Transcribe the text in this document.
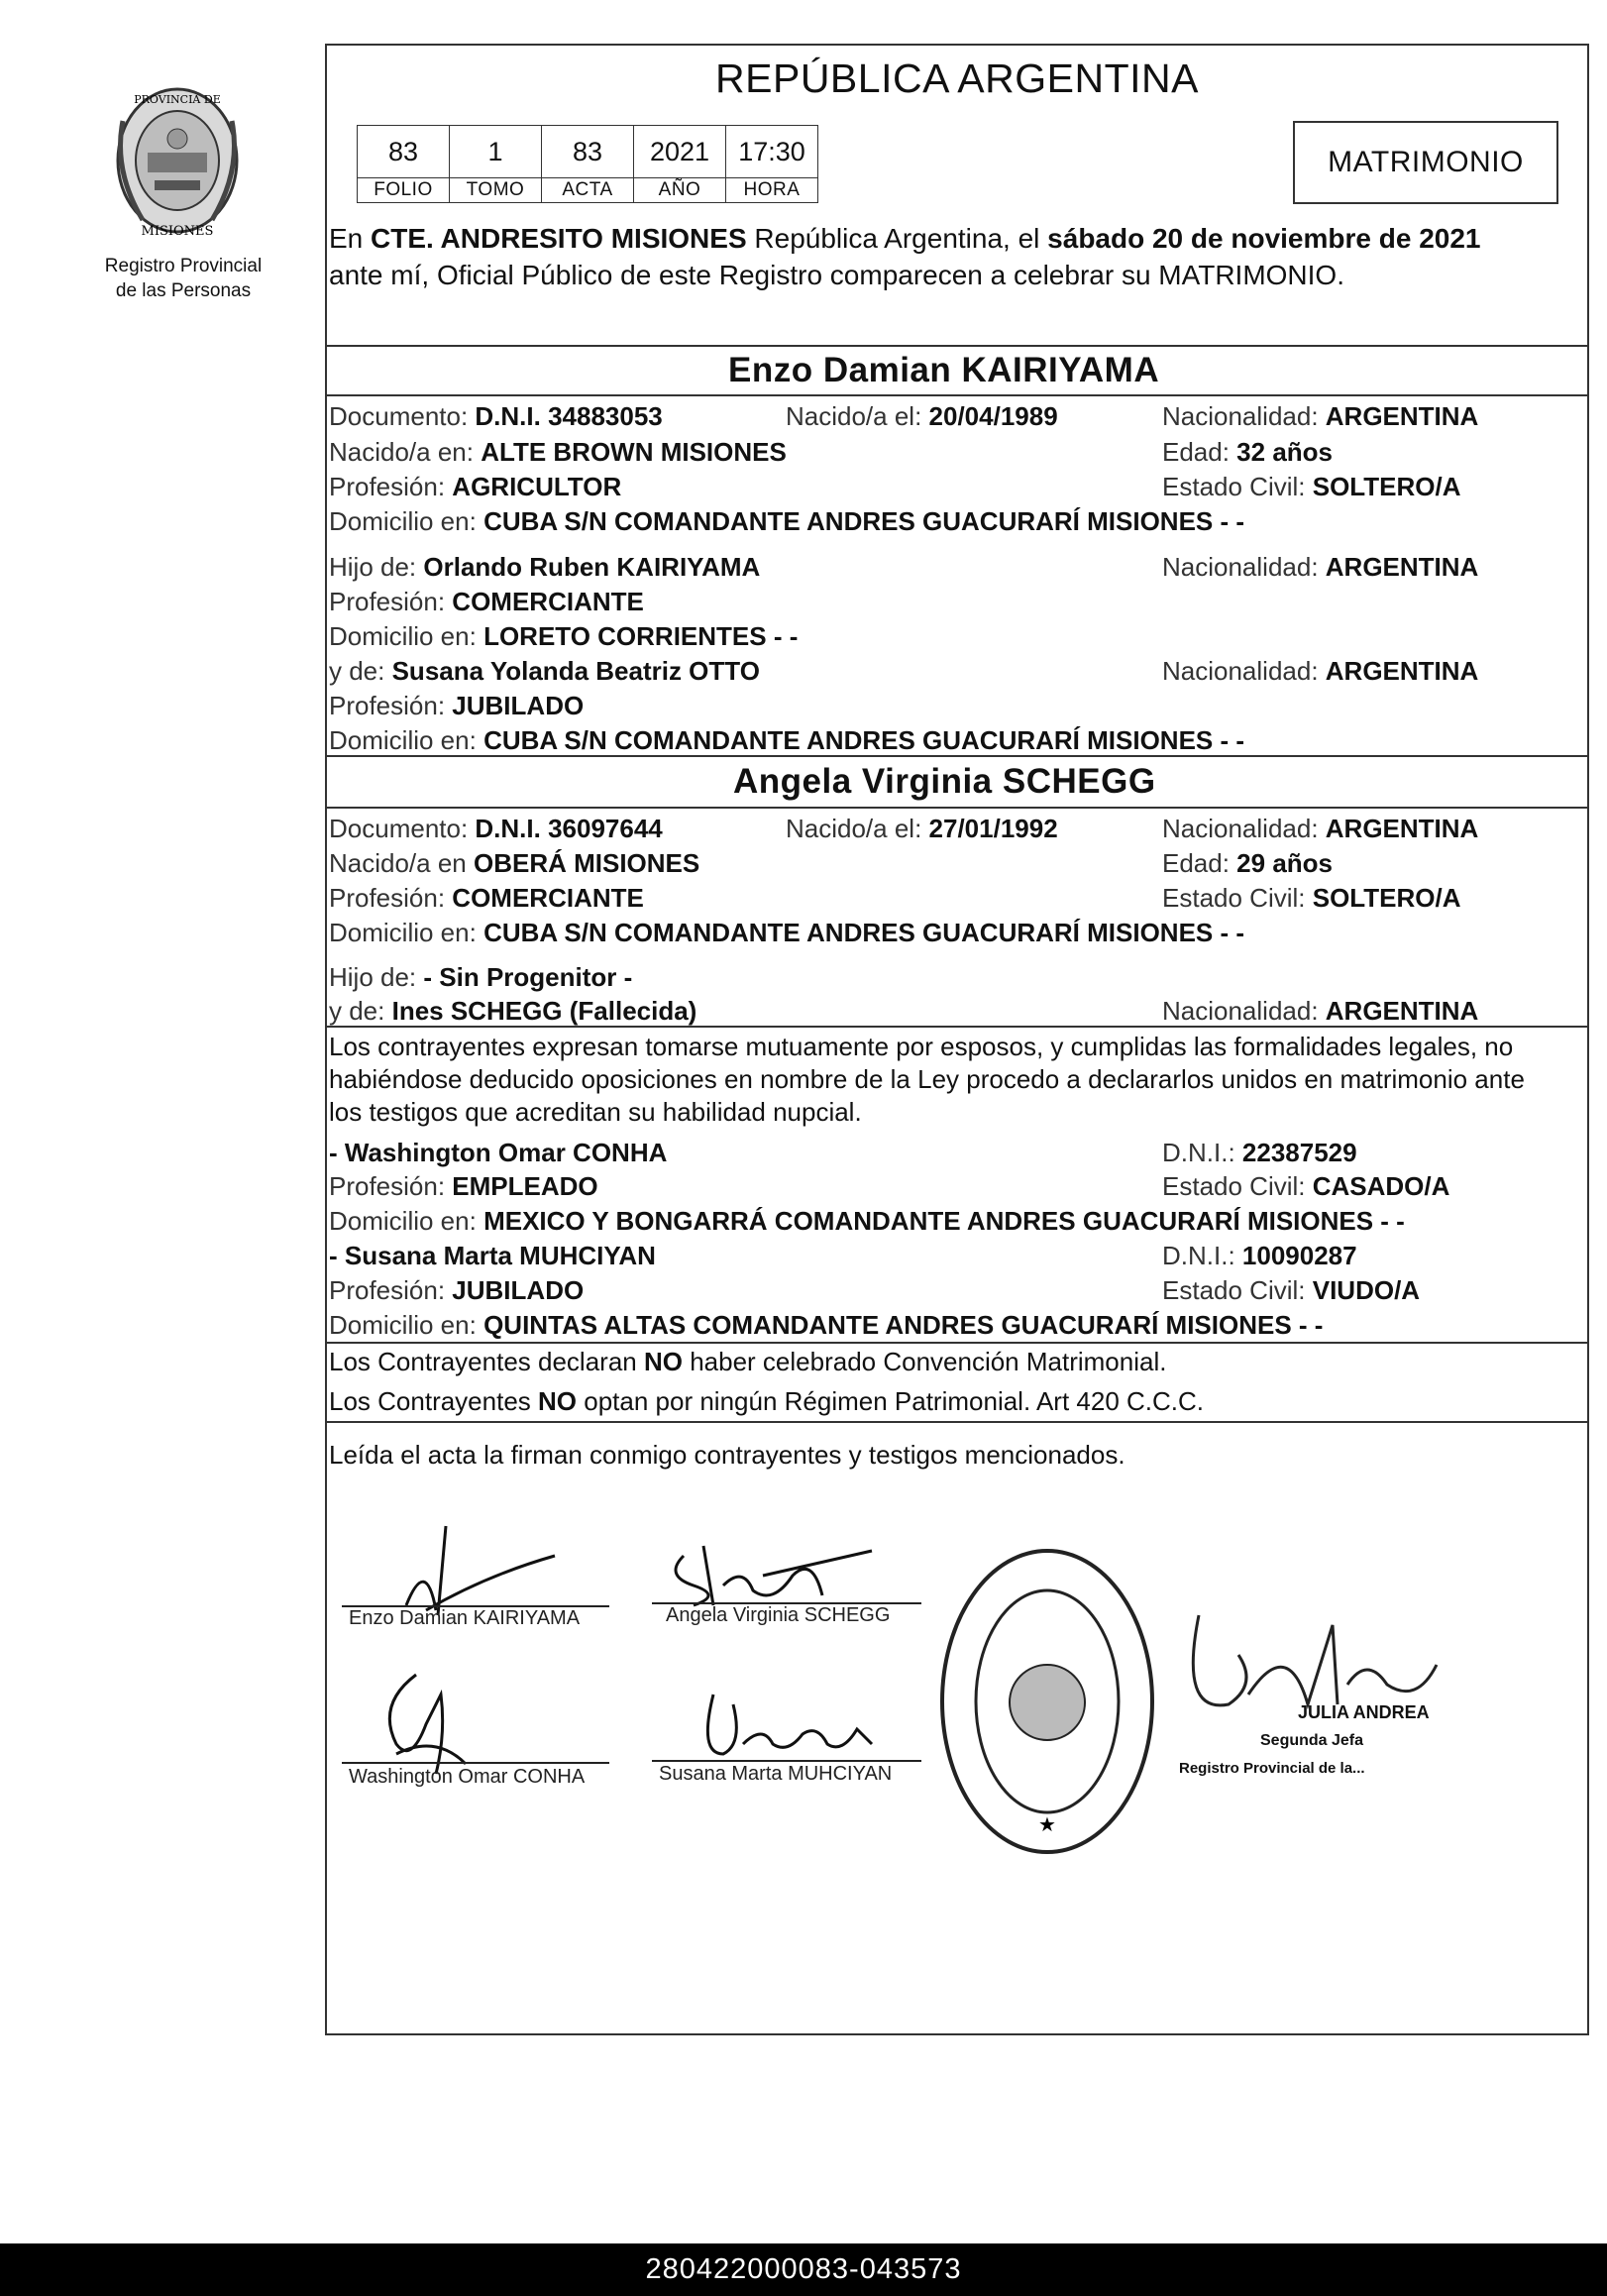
PROVINCIA DE
MISIONES
Registro Provincial
de las Personas
REPÚBLICA ARGENTINA
83	1	83	2021	17:30
FOLIO	TOMO	ACTA	AÑO	HORA
MATRIMONIO
En CTE. ANDRESITO MISIONES República Argentina, el sábado 20 de noviembre de 2021
ante mí, Oficial Público de este Registro comparecen a celebrar su MATRIMONIO.
Enzo Damian KAIRIYAMA
Documento: D.N.I. 34883053	Nacido/a el: 20/04/1989	Nacionalidad: ARGENTINA
Nacido/a en: ALTE BROWN MISIONES	Edad: 32 años
Profesión: AGRICULTOR	Estado Civil: SOLTERO/A
Domicilio en: CUBA S/N COMANDANTE ANDRES GUACURARÍ MISIONES - -
Hijo de: Orlando Ruben KAIRIYAMA	Nacionalidad: ARGENTINA
Profesión: COMERCIANTE
Domicilio en: LORETO CORRIENTES - -
y de: Susana Yolanda Beatriz OTTO	Nacionalidad: ARGENTINA
Profesión: JUBILADO
Domicilio en: CUBA S/N COMANDANTE ANDRES GUACURARÍ MISIONES - -
Angela Virginia SCHEGG
Documento: D.N.I. 36097644	Nacido/a el: 27/01/1992	Nacionalidad: ARGENTINA
Nacido/a en OBERÁ MISIONES	Edad: 29 años
Profesión: COMERCIANTE	Estado Civil: SOLTERO/A
Domicilio en: CUBA S/N COMANDANTE ANDRES GUACURARÍ MISIONES - -
Hijo de: - Sin Progenitor -
y de: Ines SCHEGG (Fallecida)	Nacionalidad: ARGENTINA
Los contrayentes expresan tomarse mutuamente por esposos, y cumplidas las formalidades legales, no
habiéndose deducido oposiciones en nombre de la Ley procedo a declararlos unidos en matrimonio ante
los testigos que acreditan su habilidad nupcial.
- Washington Omar CONHA	D.N.I.: 22387529
Profesión: EMPLEADO	Estado Civil: CASADO/A
Domicilio en: MEXICO Y BONGARRÁ COMANDANTE ANDRES GUACURARÍ MISIONES - -
- Susana Marta MUHCIYAN	D.N.I.: 10090287
Profesión: JUBILADO	Estado Civil: VIUDO/A
Domicilio en: QUINTAS ALTAS COMANDANTE ANDRES GUACURARÍ MISIONES - -
Los Contrayentes declaran NO haber celebrado Convención Matrimonial.
Los Contrayentes NO optan por ningún Régimen Patrimonial. Art 420 C.C.C.
Leída el acta la firman conmigo contrayentes y testigos mencionados.
Enzo Damian KAIRIYAMA	Angela Virginia SCHEGG
Washington Omar CONHA	Susana Marta MUHCIYAN
★
JULIA ANDREA
Segunda Jefa
Registro Provincial de la...
280422000083-043573
